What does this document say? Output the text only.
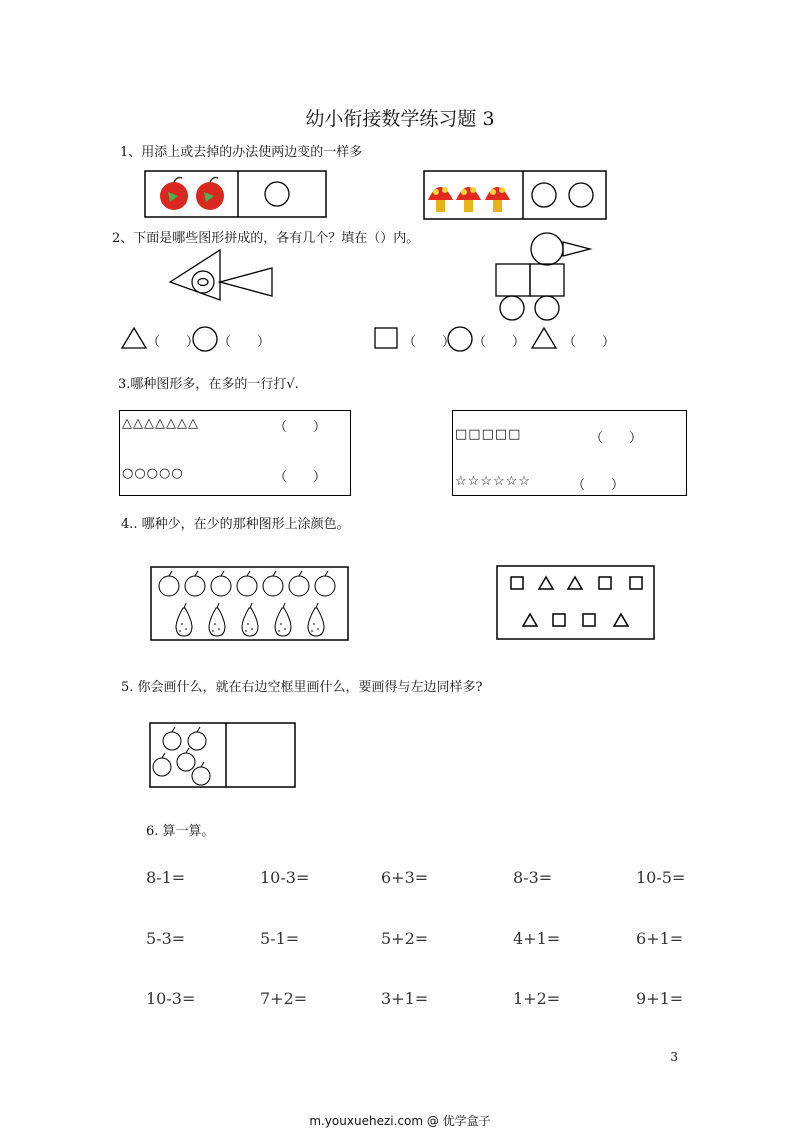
幼小衔接数学练习题 3
1、用添上或去掉的办法使两边变的一样多
2、下面是哪些图形拼成的，各有几个？填在（）内。
（　　） （　　）	（　　） （　　）	（　　）
3.哪种图形多，在多的一行打√.
△△△△△△△	（　　）
○○○○○	（　　）
□□□□□	（　　）
☆☆☆☆☆☆	（　　）
4.. 哪种少，在少的那种图形上涂颜色。
5. 你会画什么，就在右边空框里画什么，要画得与左边同样多?
6. 算一算。
8-1=	10-3=	6+3=	8-3=	10-5=
5-3=	5-1=	5+2=	4+1=	6+1=
10-3=	7+2=	3+1=	1+2=	9+1=
3
m.youxuehezi.com @ 优学盒子
